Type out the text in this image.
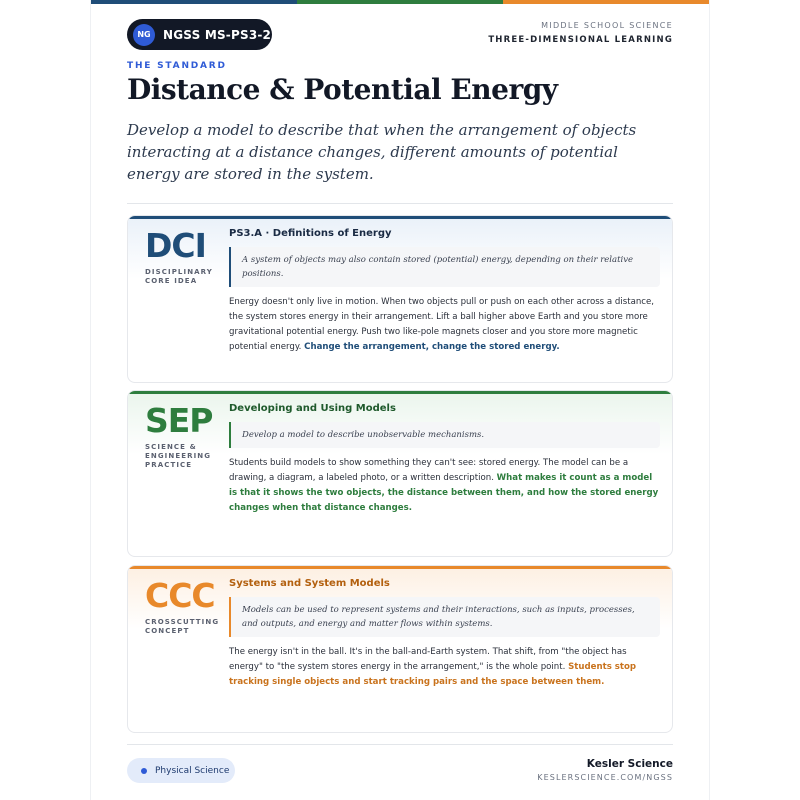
NG	NGSS MS-PS3-2
MIDDLE SCHOOL SCIENCE
THREE-DIMENSIONAL LEARNING
THE STANDARD
Distance & Potential Energy
Develop a model to describe that when the arrangement of objects interacting at a distance changes, different amounts of potential energy are stored in the system.
DCI
DISCIPLINARY
CORE IDEA
PS3.A · Definitions of Energy
A system of objects may also contain stored (potential) energy, depending on their relative positions.
Energy doesn't only live in motion. When two objects pull or push on each other across a distance, the system stores energy in their arrangement. Lift a ball higher above Earth and you store more gravitational potential energy. Push two like-pole magnets closer and you store more magnetic potential energy. Change the arrangement, change the stored energy.
SEP
SCIENCE &
ENGINEERING
PRACTICE
Developing and Using Models
Develop a model to describe unobservable mechanisms.
Students build models to show something they can't see: stored energy. The model can be a drawing, a diagram, a labeled photo, or a written description. What makes it count as a model is that it shows the two objects, the distance between them, and how the stored energy changes when that distance changes.
CCC
CROSSCUTTING
CONCEPT
Systems and System Models
Models can be used to represent systems and their interactions, such as inputs, processes, and outputs, and energy and matter flows within systems.
The energy isn't in the ball. It's in the ball-and-Earth system. That shift, from "the object has energy" to "the system stores energy in the arrangement," is the whole point. Students stop tracking single objects and start tracking pairs and the space between them.
Physical Science
Kesler Science
KESLERSCIENCE.COM/NGSS
